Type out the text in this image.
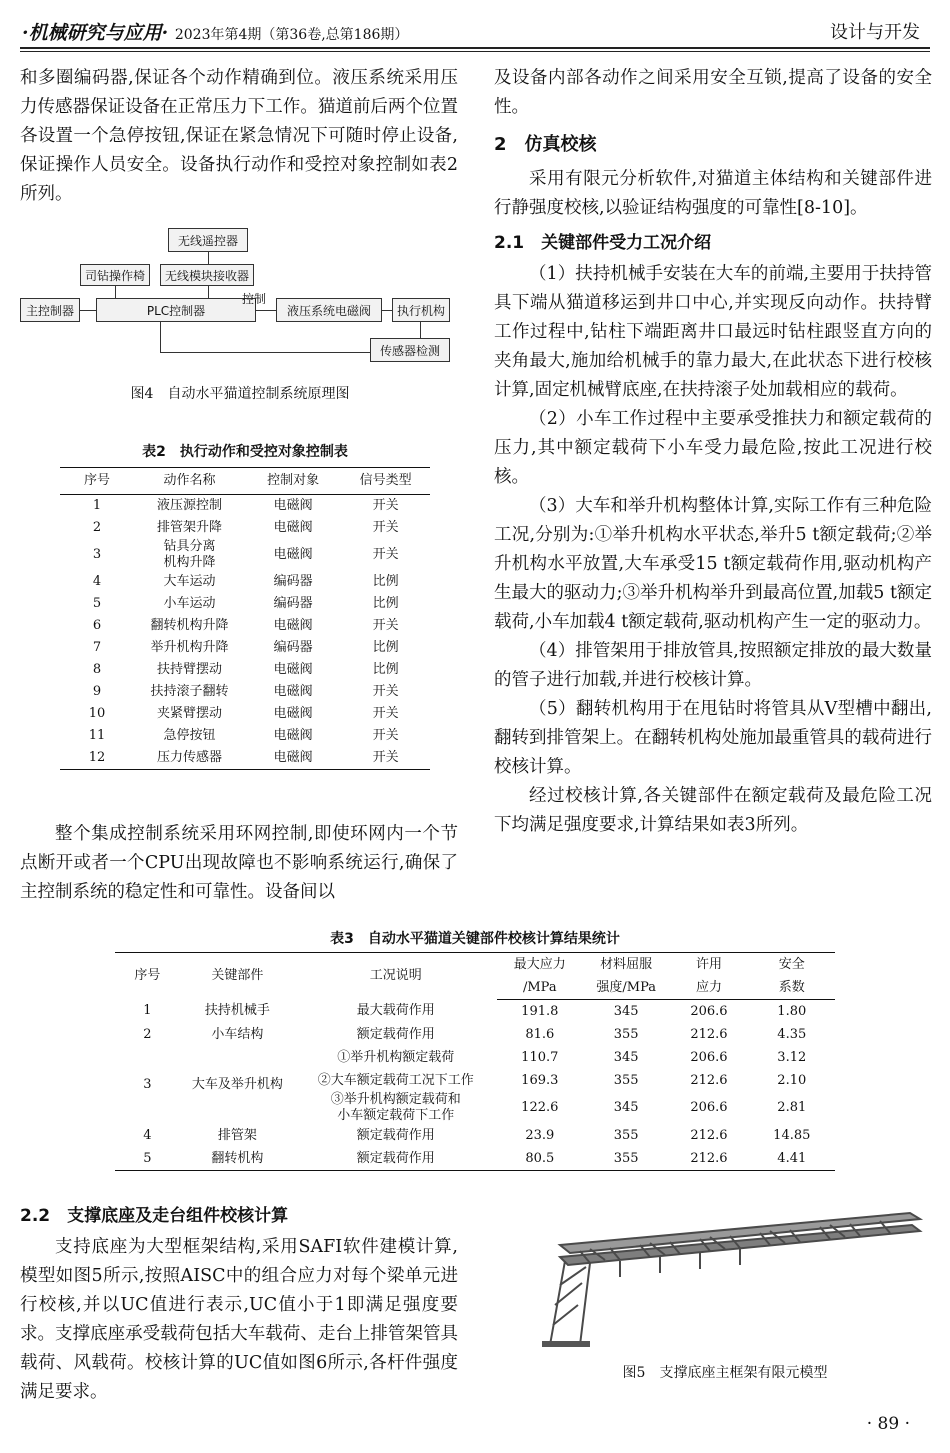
·机械研究与应用· 2023年第4期（第36卷,总第186期）	设计与开发

和多圈编码器,保证各个动作精确到位。液压系统采用压力传感器保证设备在正常压力下工作。猫道前后两个位置各设置一个急停按钮,保证在紧急情况下可随时停止设备,保证操作人员安全。设备执行动作和受控对象控制如表2所列。

无线遥控器
司钻操作椅	无线模块接收器
主控制器	PLC控制器
控制
液压系统电磁阀	执行机构
传感器检测
图4　自动水平猫道控制系统原理图
表2　执行动作和受控对象控制表
序号	动作名称	控制对象	信号类型
1	液压源控制	电磁阀	开关
2	排管架升降	电磁阀	开关
3	钻具分离
机构升降	电磁阀	开关
4	大车运动	编码器	比例
5	小车运动	编码器	比例
6	翻转机构升降	电磁阀	开关
7	举升机构升降	编码器	比例
8	扶持臂摆动	电磁阀	比例
9	扶持滚子翻转	电磁阀	开关
10	夹紧臂摆动	电磁阀	开关
11	急停按钮	电磁阀	开关
12	压力传感器	电磁阀	开关

整个集成控制系统采用环网控制,即使环网内一个节点断开或者一个CPU出现故障也不影响系统运行,确保了主控制系统的稳定性和可靠性。设备间以

及设备内部各动作之间采用安全互锁,提高了设备的安全性。

2　仿真校核

采用有限元分析软件,对猫道主体结构和关键部件进行静强度校核,以验证结构强度的可靠性[8-10]。

2.1　关键部件受力工况介绍

（1）扶持机械手安装在大车的前端,主要用于扶持管具下端从猫道移运到井口中心,并实现反向动作。扶持臂工作过程中,钻柱下端距离井口最远时钻柱跟竖直方向的夹角最大,施加给机械手的靠力最大,在此状态下进行校核计算,固定机械臂底座,在扶持滚子处加载相应的载荷。

（2）小车工作过程中主要承受推扶力和额定载荷的压力,其中额定载荷下小车受力最危险,按此工况进行校核。

（3）大车和举升机构整体计算,实际工作有三种危险工况,分别为:①举升机构水平状态,举升5 t额定载荷;②举升机构水平放置,大车承受15 t额定载荷作用,驱动机构产生最大的驱动力;③举升机构举升到最高位置,加载5 t额定载荷,小车加载4 t额定载荷,驱动机构产生一定的驱动力。

（4）排管架用于排放管具,按照额定排放的最大数量的管子进行加载,并进行校核计算。

（5）翻转机构用于在甩钻时将管具从V型槽中翻出,翻转到排管架上。在翻转机构处施加最重管具的载荷进行校核计算。

经过校核计算,各关键部件在额定载荷及最危险工况下均满足强度要求,计算结果如表3所列。

表3　自动水平猫道关键部件校核计算结果统计
序号	关键部件	工况说明	最大应力	材料屈服	许用	安全
			/MPa	强度/MPa	应力	系数
1	扶持机械手	最大载荷作用	191.8	345	206.6	1.80
2	小车结构	额定载荷作用	81.6	355	212.6	4.35
3	大车及举升机构	①举升机构额定载荷	110.7	345	206.6	3.12
		②大车额定载荷工况下工作	169.3	355	212.6	2.10
		③举升机构额定载荷和
小车额定载荷下工作	122.6	345	206.6	2.81
4	排管架	额定载荷作用	23.9	355	212.6	14.85
5	翻转机构	额定载荷作用	80.5	355	212.6	4.41
2.2　支撑底座及走台组件校核计算

支持底座为大型框架结构,采用SAFI软件建模计算,模型如图5所示,按照AISC中的组合应力对每个梁单元进行校核,并以UC值进行表示,UC值小于1即满足强度要求。支撑底座承受载荷包括大车载荷、走台上排管架管具载荷、风载荷。校核计算的UC值如图6所示,各杆件强度满足要求。

图5　支撑底座主框架有限元模型
· 89 ·
